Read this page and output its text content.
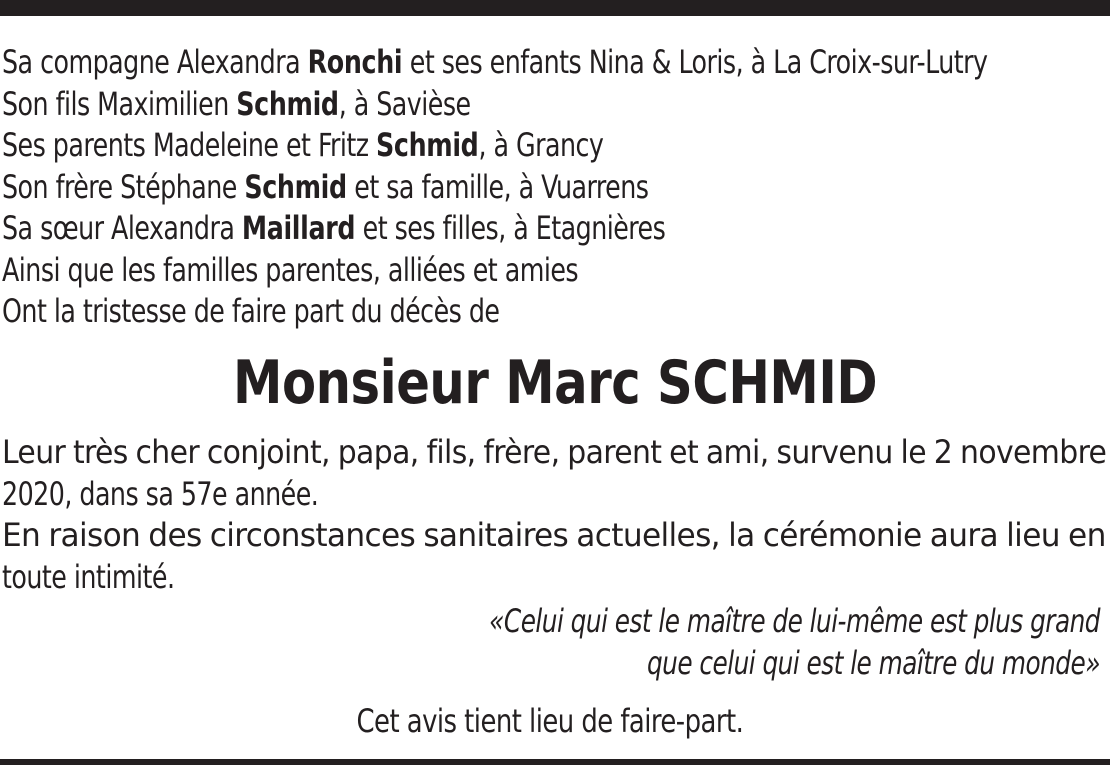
Sa compagne Alexandra Ronchi et ses enfants Nina & Loris, à La Croix-sur-Lutry
Son fils Maximilien Schmid, à Savièse
Ses parents Madeleine et Fritz Schmid, à Grancy
Son frère Stéphane Schmid et sa famille, à Vuarrens
Sa sœur Alexandra Maillard et ses filles, à Etagnières
Ainsi que les familles parentes, alliées et amies
Ont la tristesse de faire part du décès de
Monsieur Marc SCHMID
Leur très cher conjoint, papa, fils, frère, parent et ami, survenu le 2 novembre
2020, dans sa 57e année.
En raison des circonstances sanitaires actuelles, la cérémonie aura lieu en
toute intimité.
«Celui qui est le maître de lui-même est plus grand
que celui qui est le maître du monde»
Cet avis tient lieu de faire-part.
